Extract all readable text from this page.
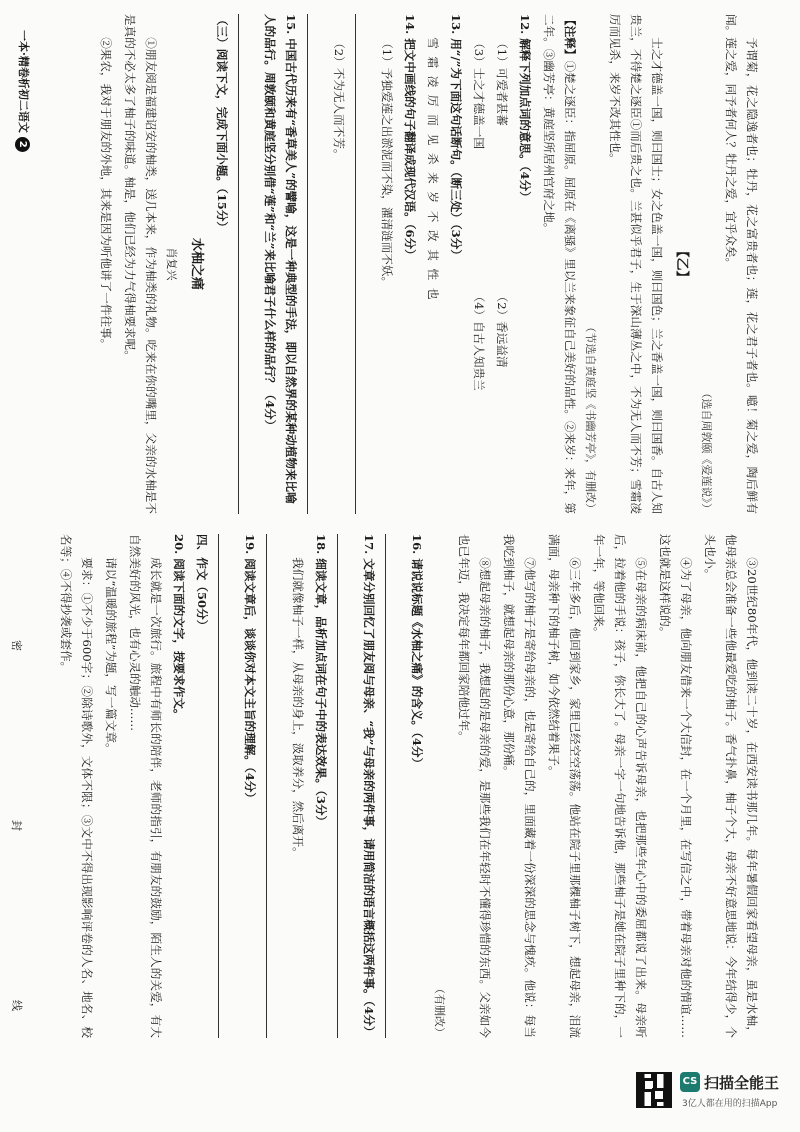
予谓菊，花之隐逸者也；牡丹，花之富贵者也；莲，花之君子者也。噫！菊之爱，陶后鲜有闻。莲之爱，同予者何人？牡丹之爱，宜乎众矣。

（选自周敦颐《爱莲说》）
【乙】

士之才德盖一国，则曰国士；女之色盖一国，则曰国色；兰之香盖一国，则曰国香。自古人知贵兰，不待楚之逐臣①而后贵之也。兰甚似乎君子，生于深山薄丛之中，不为无人而不芳；雪霜凌厉而见杀，来岁不改其性也。

（节选自黄庭坚《书幽芳亭》，有删改）

【注释】①楚之逐臣：指屈原。屈原在《离骚》里以兰来象征自己美好的品性。②来岁：来年，第二年。③幽芳亭：黄庭坚所居州官府之地。

12. 解释下列加点词的意思。（4分）
（1）可爱者甚蕃
（2）香远益清
（3）士之才德盖一国
（4）自古人知贵兰
13. 用“/”为下面这句话断句。（断三处）（3分）
雪 霜 凌 厉 而 见 杀 来 岁 不 改 其 性 也
14. 把文中画线的句子翻译成现代汉语。（6分）
（1）予独爱莲之出淤泥而不染，濯清涟而不妖。
（2）不为无人而不芳。
15. 中国古代历来有“香草美人”的譬喻，这是一种典型的手法，即以自然界的某种动植物来比喻人的品行。周敦颐和黄庭坚分别借“莲”和“兰”来比喻君子什么样的品行？（4分）
（三）阅读下文，完成下面小题。（15分）
水柚之痛
肖复兴

①朋友阅是福建诏安的柚类，送几本来，作为柚类的礼物。吃来在你的嘴里，父亲的水柚是不是真的不必太多了柚子的味道。柚是，他们已经为力气得柚要求呢。

②果农，我对于朋友的外地，其来是因为听他讲了一件往事。

③20世纪80年代，他到读二十岁，在西安读书那几年。每年暑假回家看望母亲，虽是水柚，他母亲总会准备一些他最爱吃的柚子。香气扑鼻，柚子个大，母亲不好意思地说：今年结得少，个头也小。

④为了母亲，他向朋友借来一个大信封，在一个月里，在写信之中，带着母亲对他的情谊……这也就是这样说的。

⑤在母亲的病床前，他把自己的心声告诉母亲，也把那些年心中的委屈都说了出来。母亲听后，拉着他的手说：孩子，你长大了。母亲一字一句地告诉他，那些柚子是她在院子里种下的，一年一年，等他回来。

⑥三年多后，他回到家乡，家里已经空空荡荡。他站在院子里那棵柚子树下，想起母亲，泪流满面，母亲种下的柚子树，如今依然结着果子。

⑦他写的柚子是寄给母亲的，也是寄给自己的，里面藏着一份深深的思念与愧疚。他说：每当我吃到柚子，就想起母亲的那份心意，那份痛。

⑧想起母亲的柚子，我想起的是母亲的爱，是那些我们在年轻时不懂得珍惜的东西。父亲如今也已年迈，我决定每年都回家陪他过年。

（有删改）
16. 请说说标题《水柚之痛》的含义。（4分）
17. 文章分别回忆了朋友阅与母亲、“我”与母亲的两件事，请用简洁的语言概括这两件事。（4分）
18. 细读文章，品析加点词在句子中的表达效果。（3分）
我们就像柚子一样，从母亲的身上，汲取养分，然后离开。
19. 阅读文章后，谈谈你对本文主旨的理解。（4分）
四、作文（50分）
20. 阅读下面的文字，按要求作文。

成长就是一次旅行。旅程中有师长的陪伴，老师的指引，有朋友的鼓励，陌生人的关爱，有大自然美好的风光，也有心灵的触动……

请以“温暖的旅程”为题，写一篇文章。

要求：①不少于600字；②除诗歌外，文体不限；③文中不得出现影响评卷的人名、地名、校名等；④不得抄袭或套作。

一本·精卷析初二语文 2
密
封
线
CS 扫描全能王
3亿人都在用的扫描App
